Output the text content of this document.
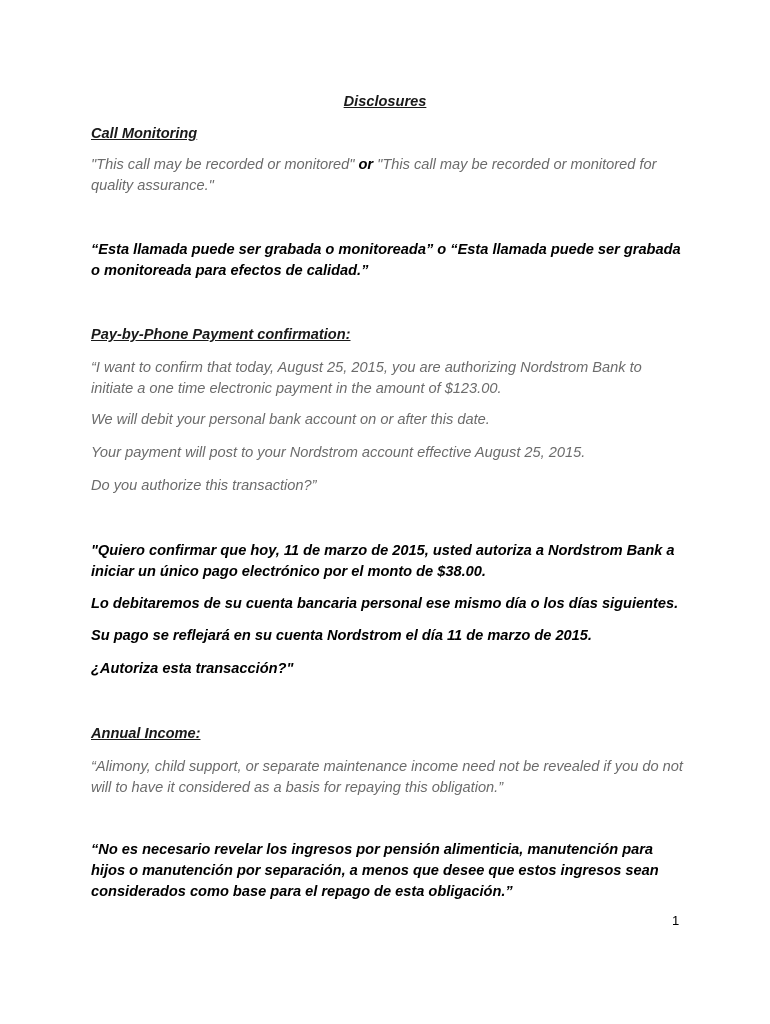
Disclosures
Call Monitoring

"This call may be recorded or monitored" or "This call may be recorded or monitored for quality assurance."

“Esta llamada puede ser grabada o monitoreada” o “Esta llamada puede ser grabada o monitoreada para efectos de calidad.”

Pay-by-Phone Payment confirmation:

“I want to confirm that today, August 25, 2015, you are authorizing Nordstrom Bank to initiate a one time electronic payment in the amount of $123.00.

We will debit your personal bank account on or after this date.

Your payment will post to your Nordstrom account effective August 25, 2015.

Do you authorize this transaction?”

"Quiero confirmar que hoy, 11 de marzo de 2015, usted autoriza a Nordstrom Bank a iniciar un único pago electrónico por el monto de $38.00.

Lo debitaremos de su cuenta bancaria personal ese mismo día o los días siguientes.

Su pago se reflejará en su cuenta Nordstrom el día 11 de marzo de 2015.

¿Autoriza esta transacción?"

Annual Income:

“Alimony, child support, or separate maintenance income need not be revealed if you do not will to have it considered as a basis for repaying this obligation.”

“No es necesario revelar los ingresos por pensión alimenticia, manutención para hijos o manutención por separación, a menos que desee que estos ingresos sean considerados como base para el repago de esta obligación.”

1
